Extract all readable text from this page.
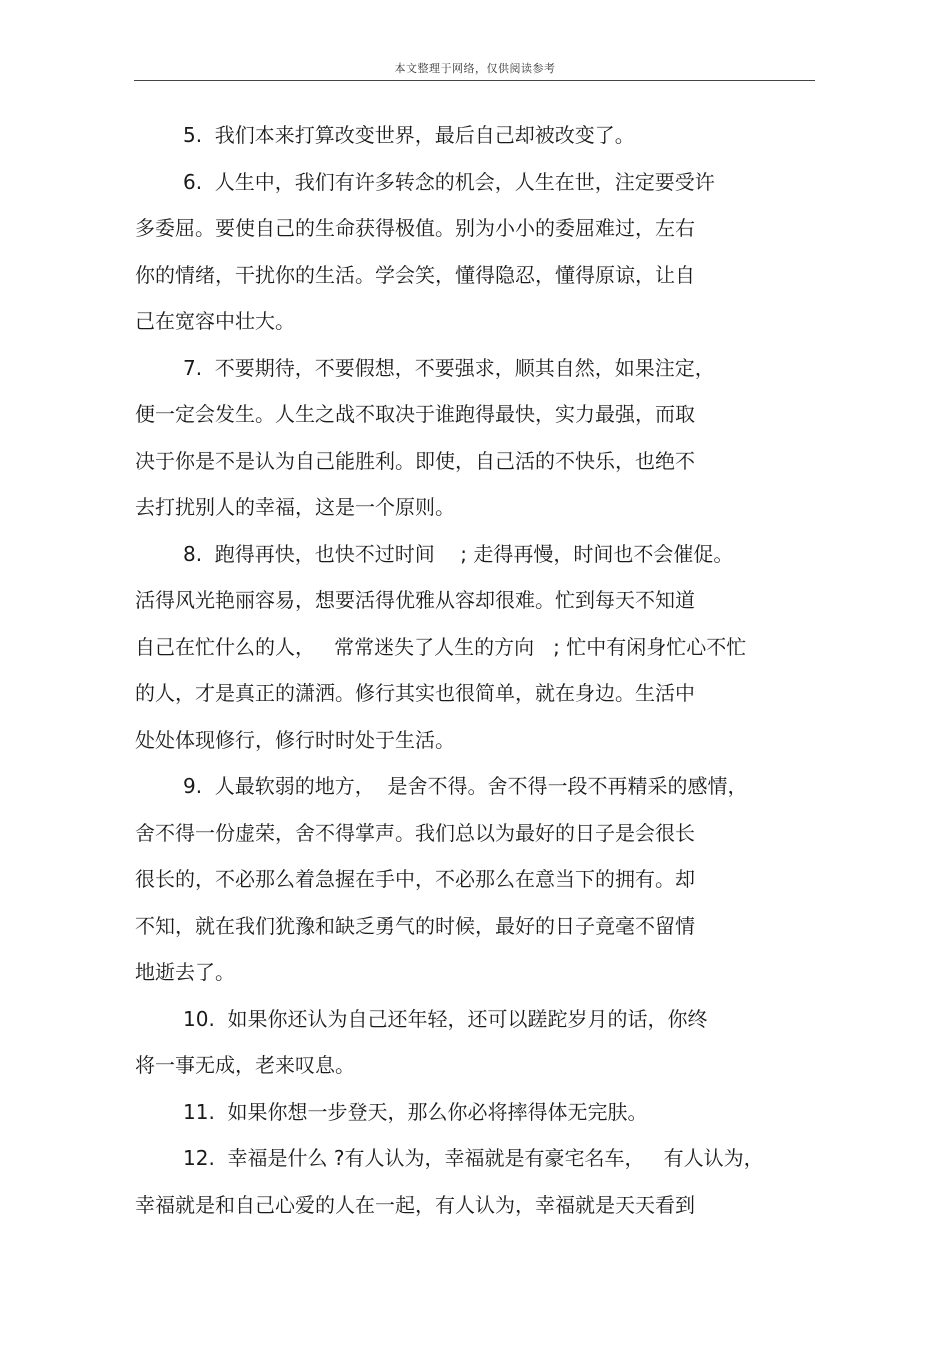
本文整理于网络，仅供阅读参考
5.  我们本来打算改变世界，最后自己却被改变了。
6.  人生中，我们有许多转念的机会，人生在世，注定要受许
多委屈。要使自己的生命获得极值。别为小小的委屈难过，左右
你的情绪，干扰你的生活。学会笑，懂得隐忍，懂得原谅，让自
己在宽容中壮大。
7.  不要期待，不要假想，不要强求，顺其自然，如果注定，
便一定会发生。人生之战不取决于谁跑得最快，实力最强，而取
决于你是不是认为自己能胜利。即使，自己活的不快乐，也绝不
去打扰别人的幸福，这是一个原则。
8.  跑得再快，也快不过时间    ; 走得再慢，时间也不会催促。
活得风光艳丽容易，想要活得优雅从容却很难。忙到每天不知道
自己在忙什么的人，   常常迷失了人生的方向   ; 忙中有闲身忙心不忙
的人，才是真正的潇洒。修行其实也很简单，就在身边。生活中
处处体现修行，修行时时处于生活。
9.  人最软弱的地方，  是舍不得。舍不得一段不再精采的感情，
舍不得一份虚荣，舍不得掌声。我们总以为最好的日子是会很长
很长的，不必那么着急握在手中，不必那么在意当下的拥有。却
不知，就在我们犹豫和缺乏勇气的时候，最好的日子竟毫不留情
地逝去了。
10.  如果你还认为自己还年轻，还可以蹉跎岁月的话，你终
将一事无成，老来叹息。
11.  如果你想一步登天，那么你必将摔得体无完肤。
12.  幸福是什么 ?有人认为，幸福就是有豪宅名车，   有人认为，
幸福就是和自己心爱的人在一起，有人认为，幸福就是天天看到
